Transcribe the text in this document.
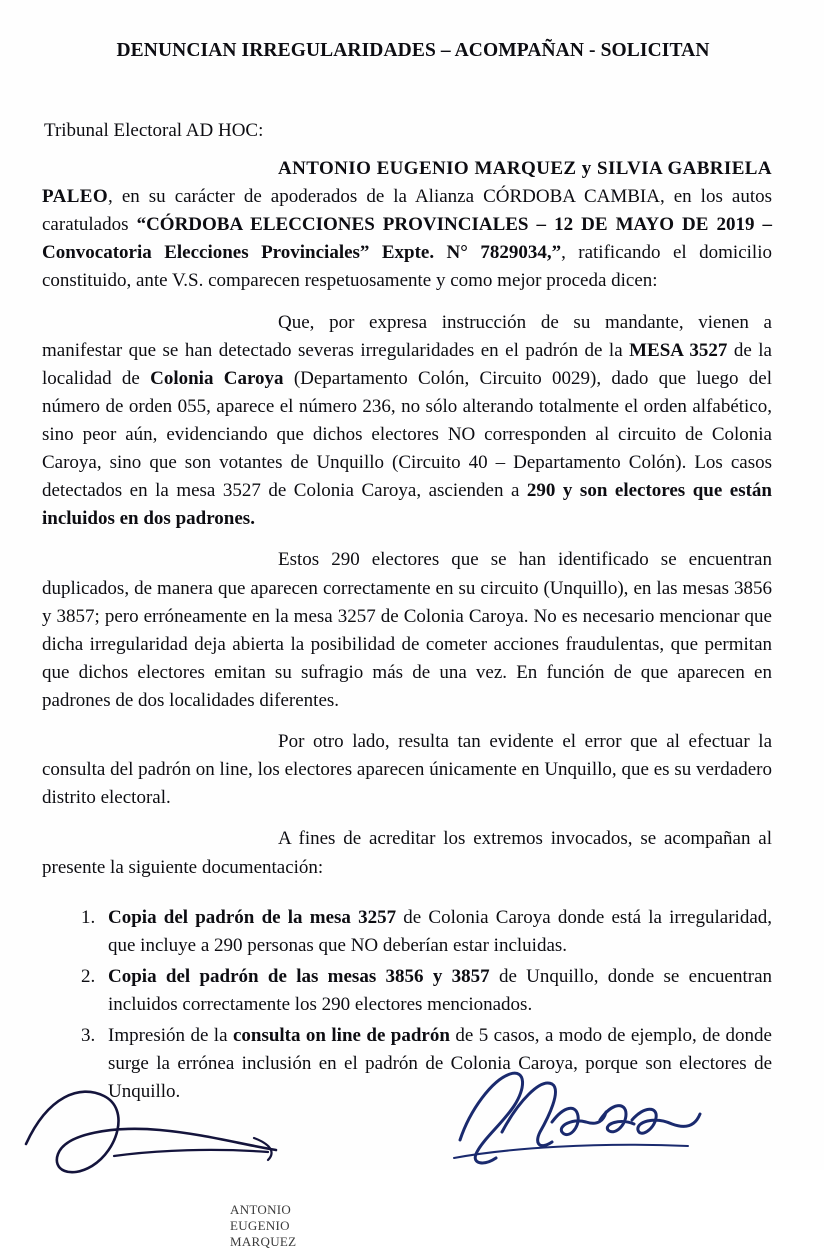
DENUNCIAN IRREGULARIDADES – ACOMPAÑAN - SOLICITAN
Tribunal Electoral AD HOC:

ANTONIO EUGENIO MARQUEZ y SILVIA GABRIELA PALEO, en su carácter de apoderados de la Alianza CÓRDOBA CAMBIA, en los autos caratulados “CÓRDOBA ELECCIONES PROVINCIALES – 12 DE MAYO DE 2019 – Convocatoria Elecciones Provinciales” Expte. N° 7829034,”, ratificando el domicilio constituido, ante V.S. comparecen respetuosamente y como mejor proceda dicen:

Que, por expresa instrucción de su mandante, vienen a manifestar que se han detectado severas irregularidades en el padrón de la MESA 3527 de la localidad de Colonia Caroya (Departamento Colón, Circuito 0029), dado que luego del número de orden 055, aparece el número 236, no sólo alterando totalmente el orden alfabético, sino peor aún, evidenciando que dichos electores NO corresponden al circuito de Colonia Caroya, sino que son votantes de Unquillo (Circuito 40 – Departamento Colón). Los casos detectados en la mesa 3527 de Colonia Caroya, ascienden a 290 y son electores que están incluidos en dos padrones.

Estos 290 electores que se han identificado se encuentran duplicados, de manera que aparecen correctamente en su circuito (Unquillo), en las mesas 3856 y 3857; pero erróneamente en la mesa 3257 de Colonia Caroya. No es necesario mencionar que dicha irregularidad deja abierta la posibilidad de cometer acciones fraudulentas, que permitan que dichos electores emitan su sufragio más de una vez. En función de que aparecen en padrones de dos localidades diferentes.

Por otro lado, resulta tan evidente el error que al efectuar la consulta del padrón on line, los electores aparecen únicamente en Unquillo, que es su verdadero distrito electoral.

A fines de acreditar los extremos invocados, se acompañan al presente la siguiente documentación:

1. Copia del padrón de la mesa 3257 de Colonia Caroya donde está la irregularidad, que incluye a 290 personas que NO deberían estar incluidas.
2. Copia del padrón de las mesas 3856 y 3857 de Unquillo, donde se encuentran incluidos correctamente los 290 electores mencionados.
3. Impresión de la consulta on line de padrón de 5 casos, a modo de ejemplo, de donde surge la errónea inclusión en el padrón de Colonia Caroya, porque son electores de Unquillo.
ANTONIO EUGENIO MARQUEZ
